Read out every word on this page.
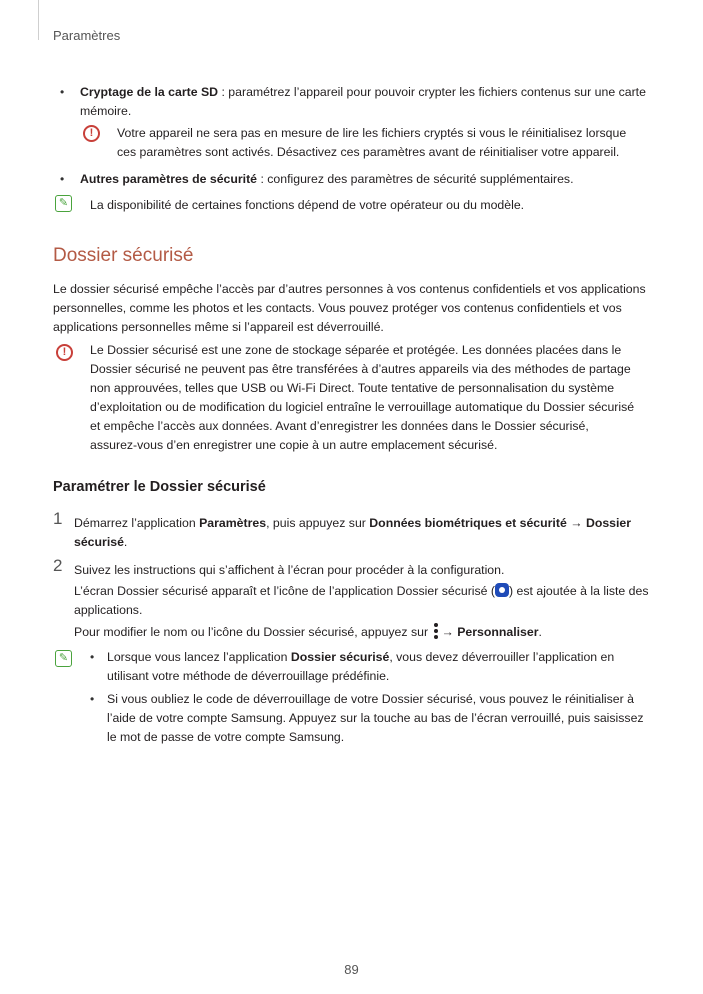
Paramètres
• Cryptage de la carte SD : paramétrez l’appareil pour pouvoir crypter les fichiers contenus sur une carte mémoire.
!	Votre appareil ne sera pas en mesure de lire les fichiers cryptés si vous le réinitialisez lorsque ces paramètres sont activés. Désactivez ces paramètres avant de réinitialiser votre appareil.
• Autres paramètres de sécurité : configurez des paramètres de sécurité supplémentaires.
✎	La disponibilité de certaines fonctions dépend de votre opérateur ou du modèle.
Dossier sécurisé
Le dossier sécurisé empêche l’accès par d’autres personnes à vos contenus confidentiels et vos applications personnelles, comme les photos et les contacts. Vous pouvez protéger vos contenus confidentiels et vos applications personnelles même si l’appareil est déverrouillé.
!	Le Dossier sécurisé est une zone de stockage séparée et protégée. Les données placées dans le Dossier sécurisé ne peuvent pas être transférées à d’autres appareils via des méthodes de partage non approuvées, telles que USB ou Wi-Fi Direct. Toute tentative de personnalisation du système d’exploitation ou de modification du logiciel entraîne le verrouillage automatique du Dossier sécurisé et empêche l’accès aux données. Avant d’enregistrer les données dans le Dossier sécurisé, assurez-vous d’en enregistrer une copie à un autre emplacement sécurisé.
Paramétrer le Dossier sécurisé
1 Démarrez l’application Paramètres, puis appuyez sur Données biométriques et sécurité → Dossier sécurisé.
2 Suivez les instructions qui s’affichent à l’écran pour procéder à la configuration.
L’écran Dossier sécurisé apparaît et l’icône de l’application Dossier sécurisé ( ) est ajoutée à la liste des applications.
Pour modifier le nom ou l’icône du Dossier sécurisé, appuyez sur
→ Personnaliser.
✎	• Lorsque vous lancez l’application Dossier sécurisé, vous devez déverrouiller l’application en utilisant votre méthode de déverrouillage prédéfinie.
• Si vous oubliez le code de déverrouillage de votre Dossier sécurisé, vous pouvez le réinitialiser à l’aide de votre compte Samsung. Appuyez sur la touche au bas de l’écran verrouillé, puis saisissez le mot de passe de votre compte Samsung.
89
